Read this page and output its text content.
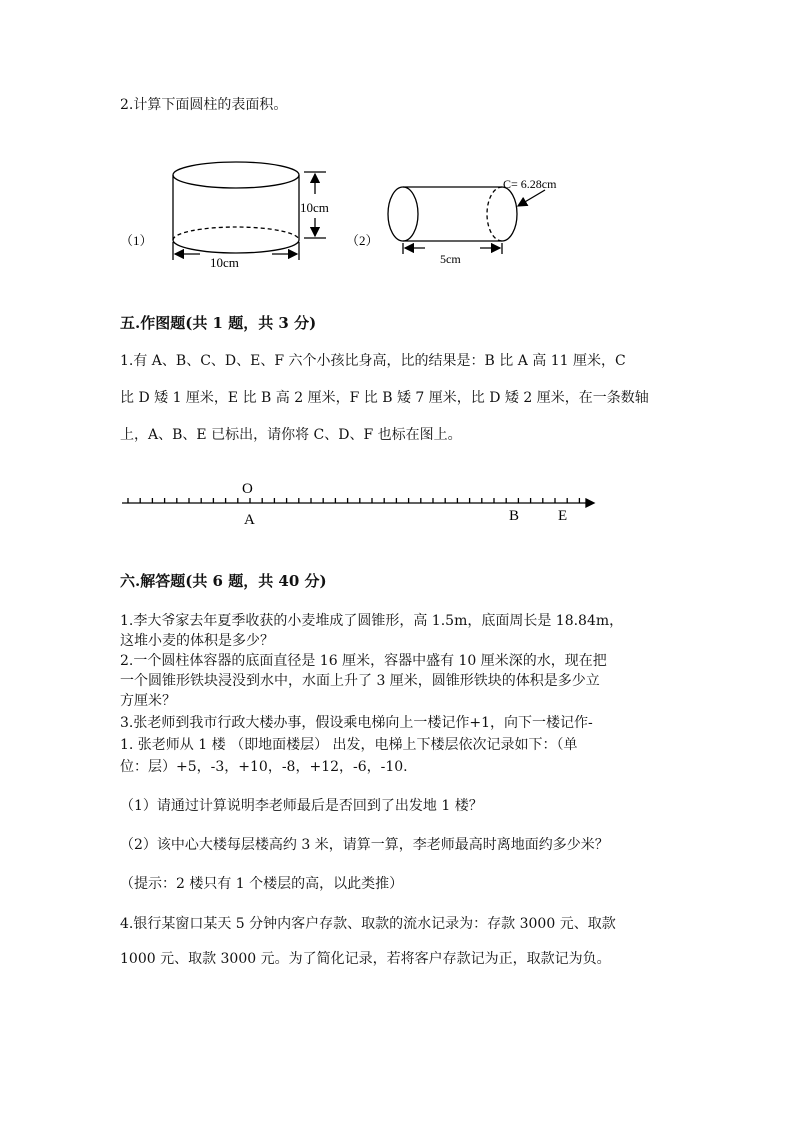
2.计算下面圆柱的表面积。
（1）
10cm
10cm
（2）
C= 6.28cm
5cm
五.作图题(共 1 题，共 3 分)
1.有 A、B、C、D、E、F 六个小孩比身高，比的结果是：B 比 A 高 11 厘米，C
比 D 矮 1 厘米，E 比 B 高 2 厘米，F 比 B 矮 7 厘米，比 D 矮 2 厘米，在一条数轴
上，A、B、E 已标出，请你将 C、D、F 也标在图上。
O
A	B	E
六.解答题(共 6 题，共 40 分)
1.李大爷家去年夏季收获的小麦堆成了圆锥形，高 1.5m，底面周长是 18.84m，
这堆小麦的体积是多少？
2.一个圆柱体容器的底面直径是 16 厘米，容器中盛有 10 厘米深的水，现在把
一个圆锥形铁块浸没到水中，水面上升了 3 厘米，圆锥形铁块的体积是多少立
方厘米？
3.张老师到我市行政大楼办事，假设乘电梯向上一楼记作+1，向下一楼记作-
1. 张老师从 1 楼 （即地面楼层） 出发，电梯上下楼层依次记录如下：（单
位：层）+5，-3，+10，-8，+12，-6，-10.
（1）请通过计算说明李老师最后是否回到了出发地 1 楼？
（2）该中心大楼每层楼高约 3 米，请算一算，李老师最高时离地面约多少米？
（提示：2 楼只有 1 个楼层的高，以此类推）
4.银行某窗口某天 5 分钟内客户存款、取款的流水记录为：存款 3000 元、取款
1000 元、取款 3000 元。为了简化记录，若将客户存款记为正，取款记为负。
